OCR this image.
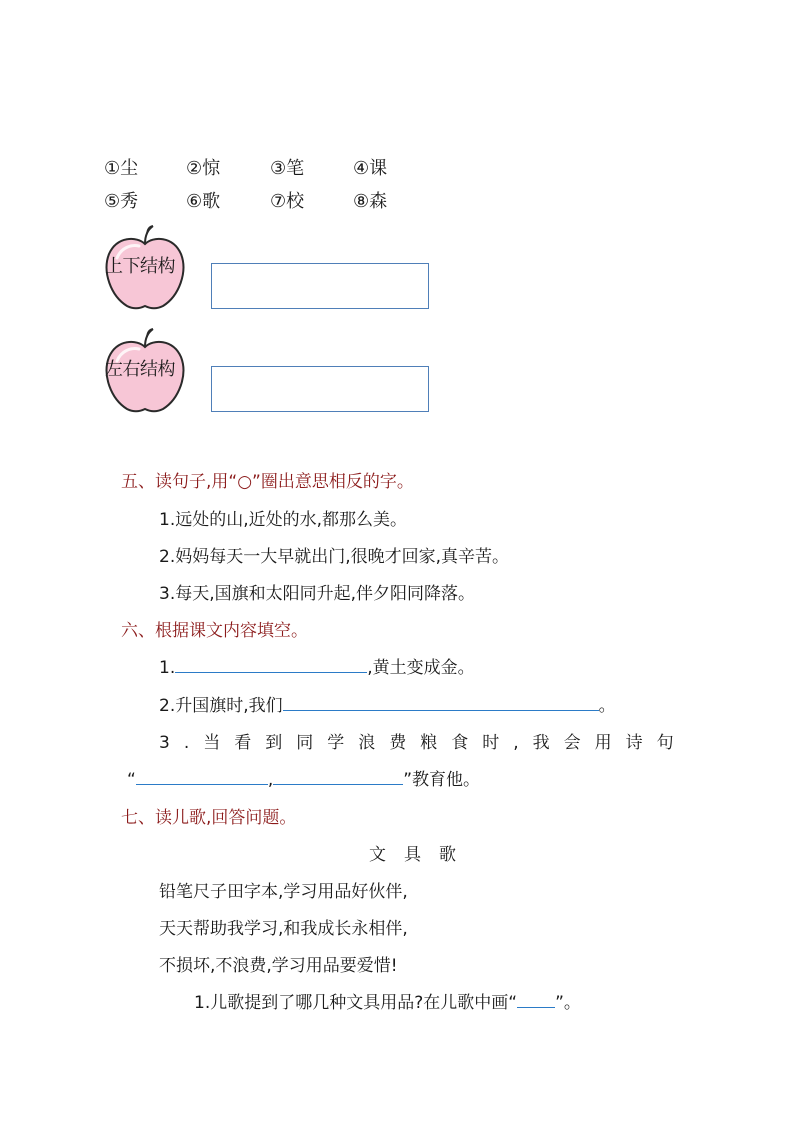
①尘	②惊	③笔	④课
⑤秀	⑥歌	⑦校	⑧森
上下结构
左右结构
五、读句子,用“○”圈出意思相反的字。
1.远处的山,近处的水,都那么美。
2.妈妈每天一大早就出门,很晚才回家,真辛苦。
3.每天,国旗和太阳同升起,伴夕阳同降落。
六、根据课文内容填空。
1.	,黄土变成金。
2.升国旗时,我们	。
3.当看到同学浪费粮食时,我会用诗句
“	,	”教育他。
七、读儿歌,回答问题。
文具歌
铅笔尺子田字本,学习用品好伙伴,
天天帮助我学习,和我成长永相伴,
不损坏,不浪费,学习用品要爱惜!
1.儿歌提到了哪几种文具用品?在儿歌中画“ ”。
